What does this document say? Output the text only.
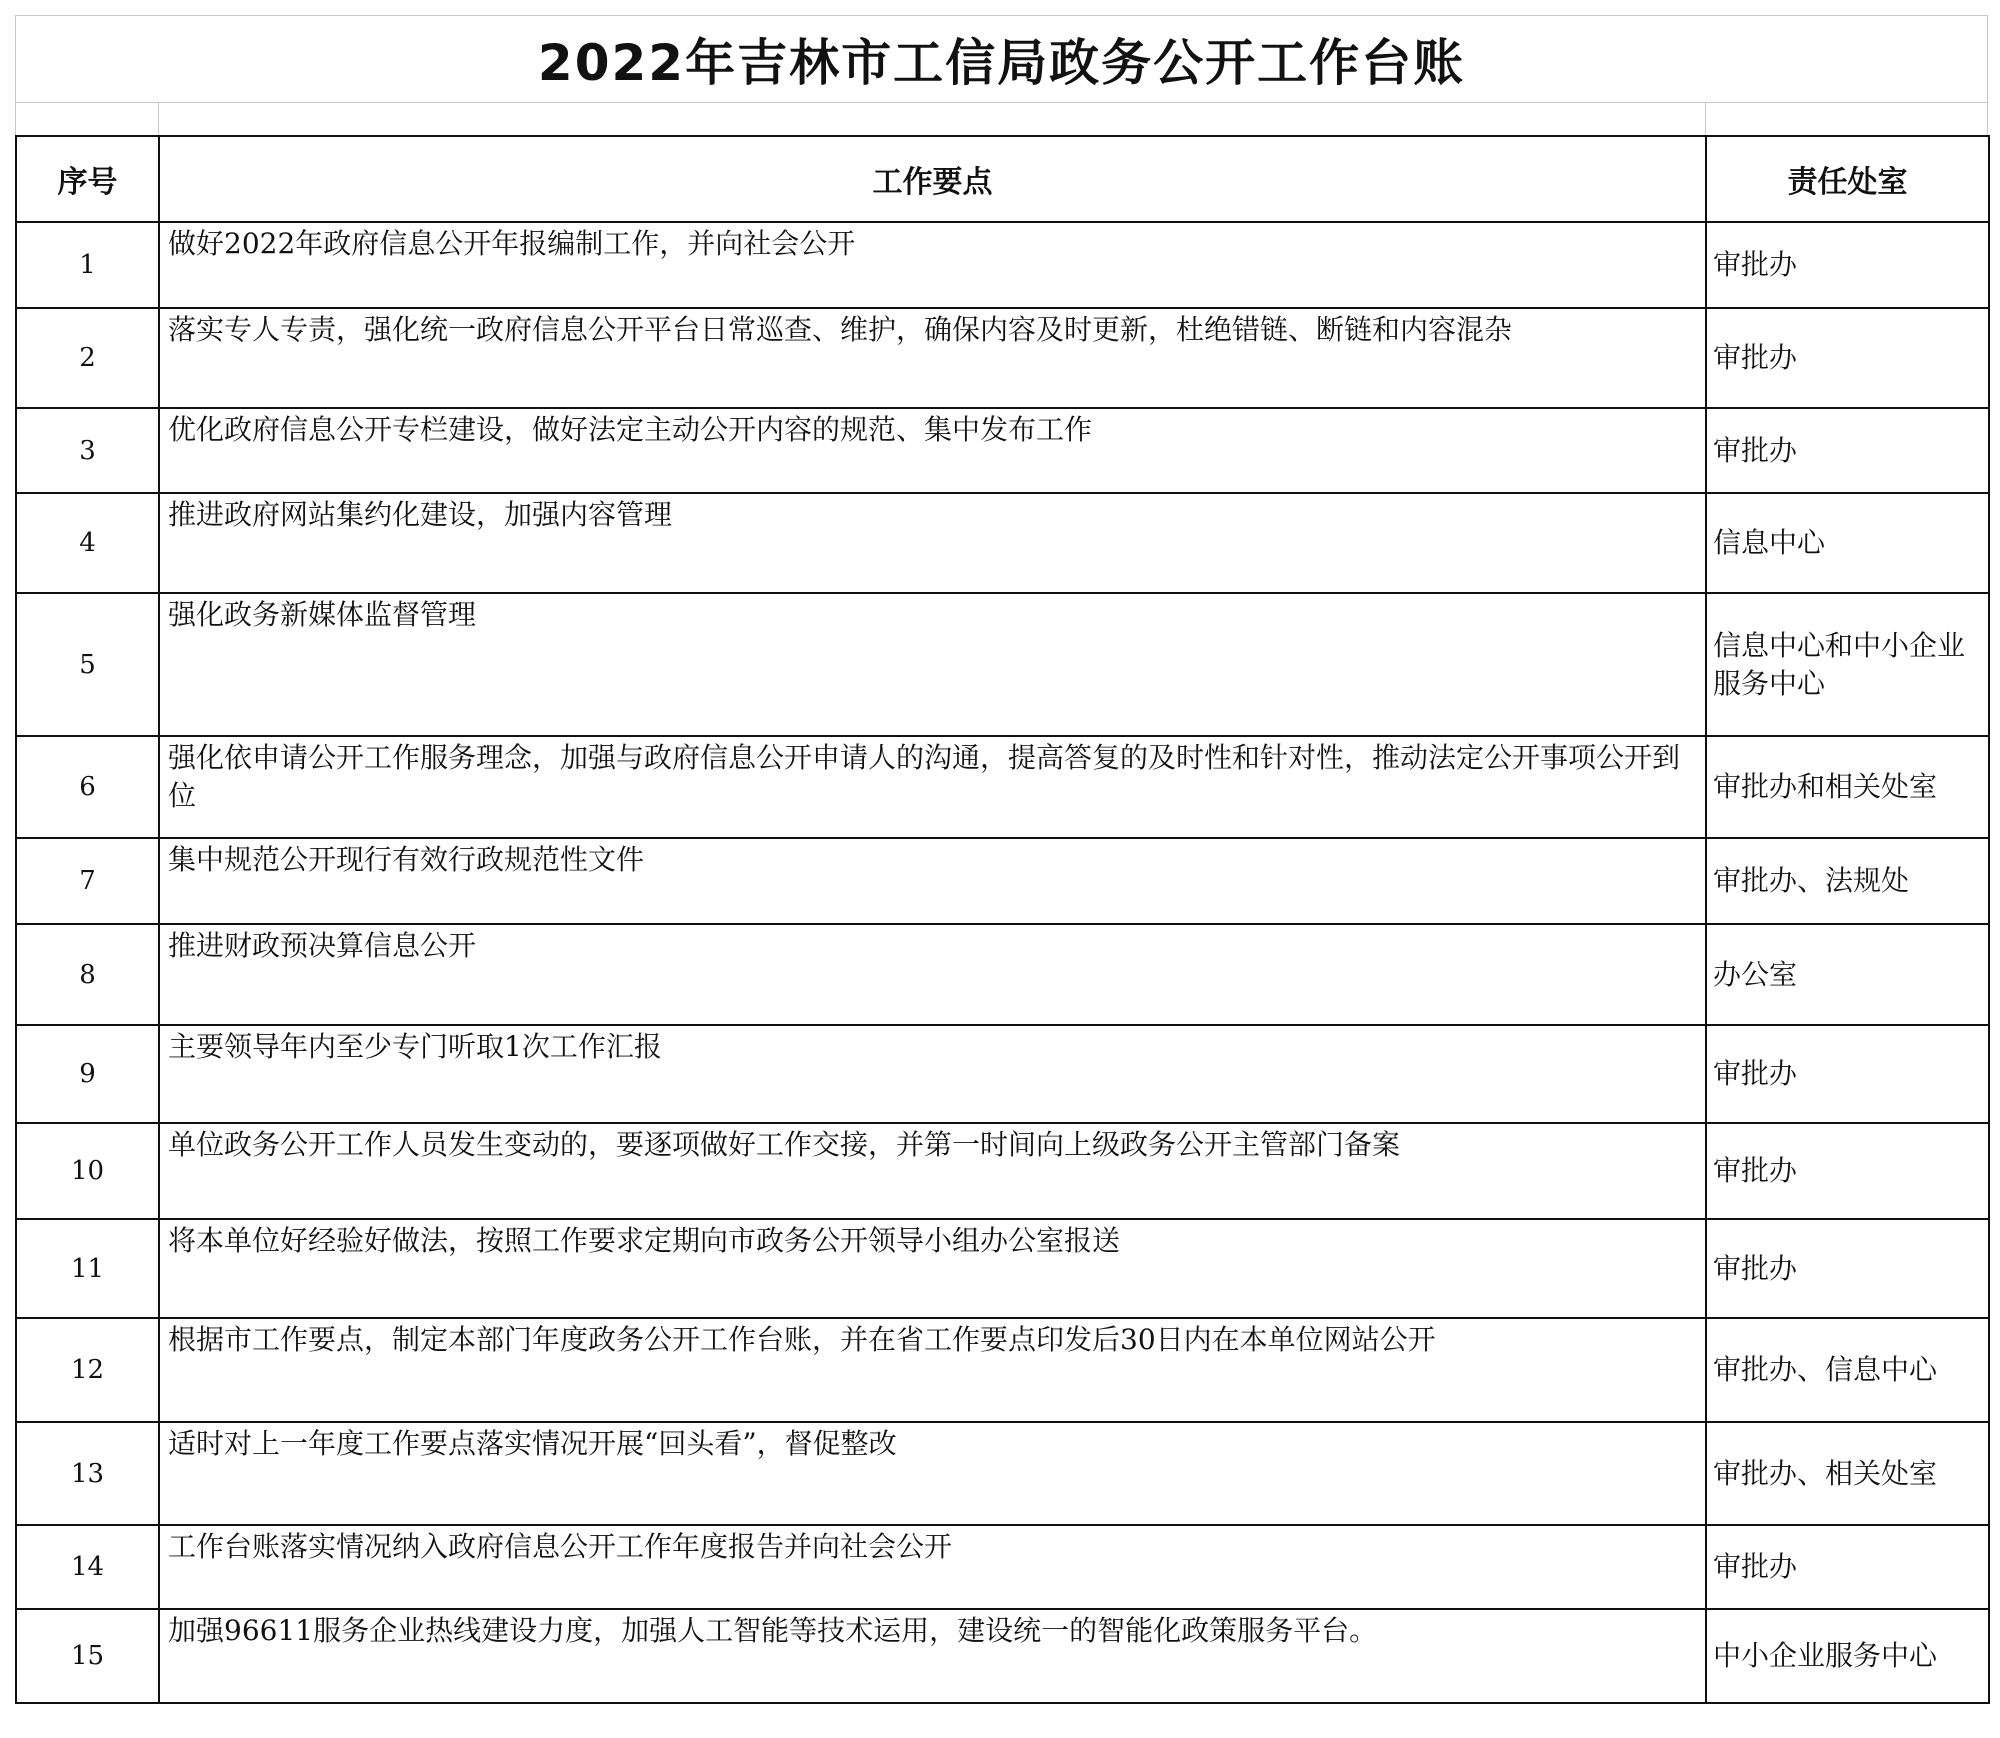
2022年吉林市工信局政务公开工作台账
序号	工作要点	责任处室
1	做好2022年政府信息公开年报编制工作，并向社会公开	审批办
2	落实专人专责，强化统一政府信息公开平台日常巡查、维护，确保内容及时更新，杜绝错链、断链和内容混杂	审批办
3	优化政府信息公开专栏建设，做好法定主动公开内容的规范、集中发布工作	审批办
4	推进政府网站集约化建设，加强内容管理	信息中心
5	强化政务新媒体监督管理	信息中心和中小企业服务中心
6	强化依申请公开工作服务理念，加强与政府信息公开申请人的沟通，提高答复的及时性和针对性，推动法定公开事项公开到位	审批办和相关处室
7	集中规范公开现行有效行政规范性文件	审批办、法规处
8	推进财政预决算信息公开	办公室
9	主要领导年内至少专门听取1次工作汇报	审批办
10	单位政务公开工作人员发生变动的，要逐项做好工作交接，并第一时间向上级政务公开主管部门备案	审批办
11	将本单位好经验好做法，按照工作要求定期向市政务公开领导小组办公室报送	审批办
12	根据市工作要点，制定本部门年度政务公开工作台账，并在省工作要点印发后30日内在本单位网站公开	审批办、信息中心
13	适时对上一年度工作要点落实情况开展“回头看”，督促整改	审批办、相关处室
14	工作台账落实情况纳入政府信息公开工作年度报告并向社会公开	审批办
15	加强96611服务企业热线建设力度，加强人工智能等技术运用，建设统一的智能化政策服务平台。	中小企业服务中心
